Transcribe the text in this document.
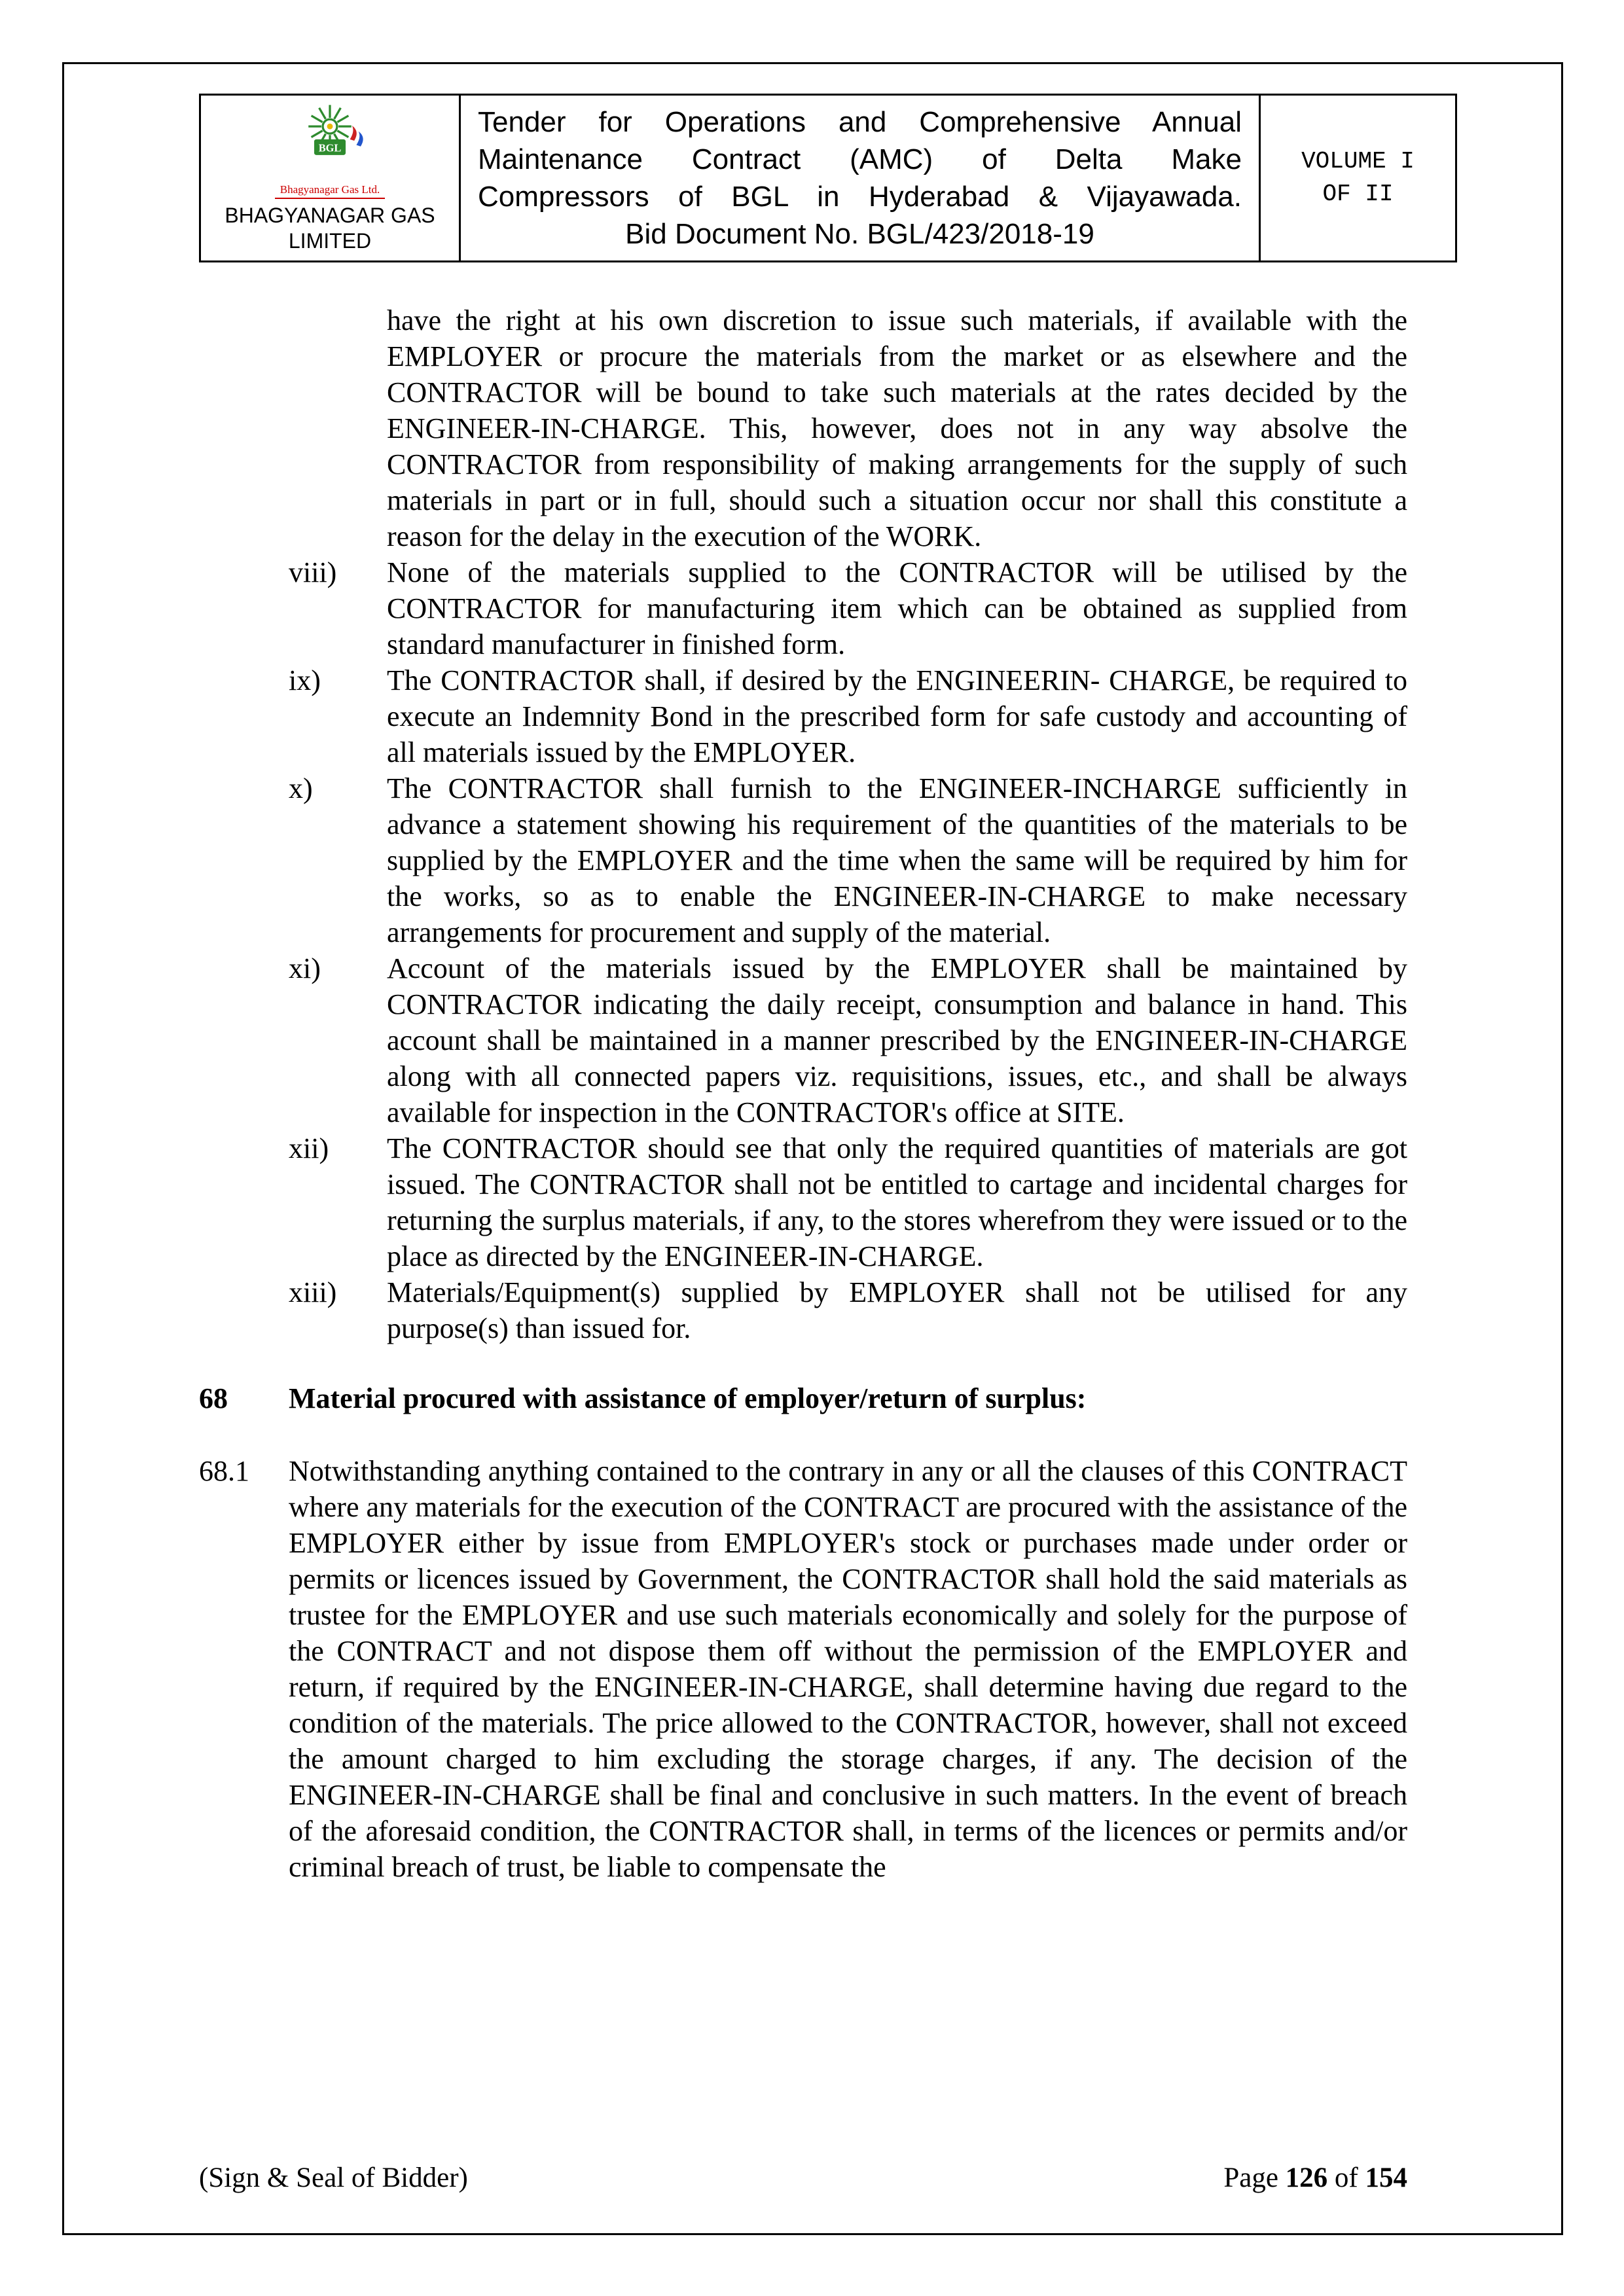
BGL
Bhagyanagar Gas Ltd.
BHAGYANAGAR GAS
LIMITED

Tender for Operations and Comprehensive Annual
Maintenance Contract (AMC) of Delta Make
Compressors of BGL in Hyderabad & Vijayawada.
Bid Document No. BGL/423/2018-19

VOLUME I
OF II

have the right at his own discretion to issue such materials, if available with the EMPLOYER or procure the materials from the market or as elsewhere and the CONTRACTOR will be bound to take such materials at the rates decided by the ENGINEER-IN-CHARGE. This, however, does not in any way absolve the CONTRACTOR from responsibility of making arrangements for the supply of such materials in part or in full, should such a situation occur nor shall this constitute a reason for the delay in the execution of the WORK.

viii)	None of the materials supplied to the CONTRACTOR will be utilised by the CONTRACTOR for manufacturing item which can be obtained as supplied from standard manufacturer in finished form.
ix)	The CONTRACTOR shall, if desired by the ENGINEERIN- CHARGE, be required to execute an Indemnity Bond in the prescribed form for safe custody and accounting of all materials issued by the EMPLOYER.
x)	The CONTRACTOR shall furnish to the ENGINEER-INCHARGE sufficiently in advance a statement showing his requirement of the quantities of the materials to be supplied by the EMPLOYER and the time when the same will be required by him for the works, so as to enable the ENGINEER-IN-CHARGE to make necessary arrangements for procurement and supply of the material.
xi)	Account of the materials issued by the EMPLOYER shall be maintained by CONTRACTOR indicating the daily receipt, consumption and balance in hand. This account shall be maintained in a manner prescribed by the ENGINEER-IN-CHARGE along with all connected papers viz. requisitions, issues, etc., and shall be always available for inspection in the CONTRACTOR's office at SITE.
xii)	The CONTRACTOR should see that only the required quantities of materials are got issued. The CONTRACTOR shall not be entitled to cartage and incidental charges for returning the surplus materials, if any, to the stores wherefrom they were issued or to the place as directed by the ENGINEER-IN-CHARGE.
xiii)	Materials/Equipment(s) supplied by EMPLOYER shall not be utilised for any purpose(s) than issued for.
68	Material procured with assistance of employer/return of surplus:
68.1	Notwithstanding anything contained to the contrary in any or all the clauses of this CONTRACT where any materials for the execution of the CONTRACT are procured with the assistance of the EMPLOYER either by issue from EMPLOYER's stock or purchases made under order or permits or licences issued by Government, the CONTRACTOR shall hold the said materials as trustee for the EMPLOYER and use such materials economically and solely for the purpose of the CONTRACT and not dispose them off without the permission of the EMPLOYER and return, if required by the ENGINEER-IN-CHARGE, shall determine having due regard to the condition of the materials. The price allowed to the CONTRACTOR, however, shall not exceed the amount charged to him excluding the storage charges, if any. The decision of the ENGINEER-IN-CHARGE shall be final and conclusive in such matters. In the event of breach of the aforesaid condition, the CONTRACTOR shall, in terms of the licences or permits and/or criminal breach of trust, be liable to compensate the
(Sign & Seal of Bidder)	Page 126 of 154
